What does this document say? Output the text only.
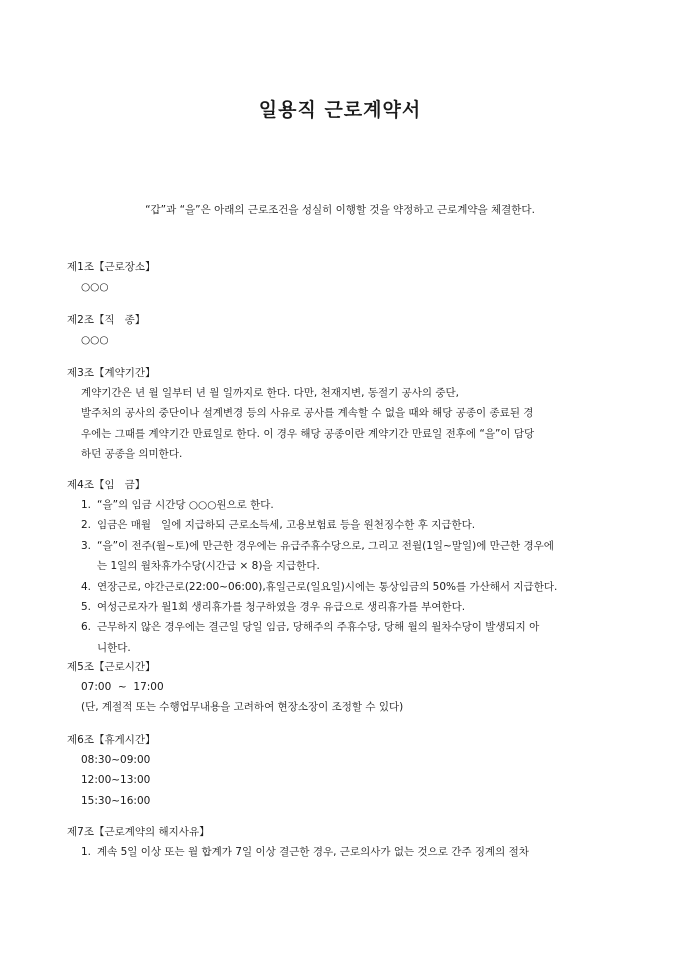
일용직 근로계약서
“갑”과 “을”은 아래의 근로조건을 성실히 이행할 것을 약정하고 근로계약을 체결한다.
제1조【근로장소】
○○○
제2조【직   종】
○○○
제3조【계약기간】
계약기간은 년 월 일부터 년 월 일까지로 한다. 다만, 천재지변, 동절기 공사의 중단,
발주처의 공사의 중단이나 설계변경 등의 사유로 공사를 계속할 수 없을 때와 해당 공종이 종료된 경
우에는 그때를 계약기간 만료일로 한다. 이 경우 해당 공종이란 계약기간 만료일 전후에 “을”이 담당
하던 공종을 의미한다.
제4조【임   금】
1. “을”의 임금 시간당 ○○○원으로 한다.
2. 임금은 매월   일에 지급하되 근로소득세, 고용보험료 등을 원천징수한 후 지급한다.
3. “을”이 전주(월~토)에 만근한 경우에는 유급주휴수당으로, 그리고 전월(1일~말일)에 만근한 경우에
는 1일의 월차휴가수당(시간급 × 8)을 지급한다.
4. 연장근로, 야간근로(22:00~06:00),휴일근로(일요일)시에는 통상임금의 50%를 가산해서 지급한다.
5. 여성근로자가 월1회 생리휴가를 청구하였을 경우 유급으로 생리휴가를 부여한다.
6. 근무하지 않은 경우에는 결근일 당일 임금, 당해주의 주휴수당, 당해 월의 월차수당이 발생되지 아
니한다.
제5조【근로시간】
07:00  ~  17:00
(단, 계절적 또는 수행업무내용을 고려하여 현장소장이 조정할 수 있다)
제6조【휴게시간】
08:30~09:00
12:00~13:00
15:30~16:00
제7조【근로계약의 해지사유】
1. 계속 5일 이상 또는 월 합계가 7일 이상 결근한 경우, 근로의사가 없는 것으로 간주 징계의 절차
